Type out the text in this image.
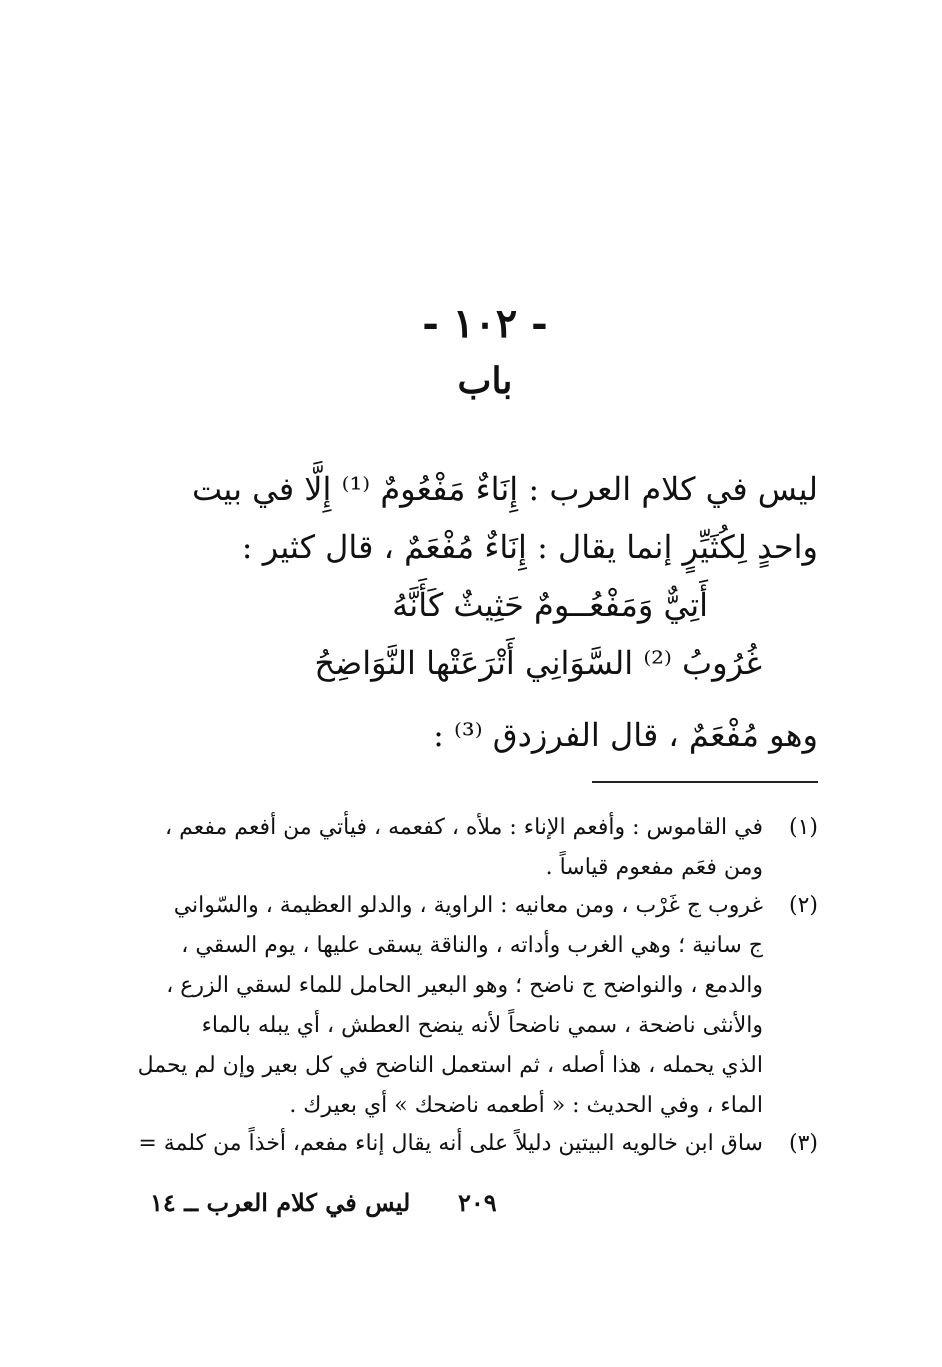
- ١٠٢ -
باب
ليس في كلام العرب : إِنَاءٌ مَفْعُومٌ ⁽¹⁾ إِلَّا في بيت
واحدٍ لِكُثَيِّرٍ إنما يقال : إِنَاءٌ مُفْعَمٌ ، قال كثير :
أَتِيٌّ وَمَفْعُــومٌ حَثِيثٌ كَأَنَّهُ
غُرُوبُ ⁽²⁾ السَّوَانِي أَتْرَعَتْها النَّوَاضِحُ
وهو مُفْعَمٌ ، قال الفرزدق ⁽³⁾ :
(١)
في القاموس : وأفعم الإناء : ملأه ، كفعمه ، فيأتي من أفعم مفعم ،
ومن فعَم مفعوم قياساً .
(٢)
غروب ج غَرْب ، ومن معانيه : الراوية ، والدلو العظيمة ، والسّواني
ج سانية ؛ وهي الغرب وأداته ، والناقة يسقى عليها ، يوم السقي ،
والدمع ، والنواضح ج ناضح ؛ وهو البعير الحامل للماء لسقي الزرع ،
والأنثى ناضحة ، سمي ناضحاً لأنه ينضح العطش ، أي يبله بالماء
الذي يحمله ، هذا أصله ، ثم استعمل الناضح في كل بعير وإن لم يحمل
الماء ، وفي الحديث : « أطعمه ناضحك » أي بعيرك .
(٣)
ساق ابن خالويه البيتين دليلاً على أنه يقال إناء مفعم، أخذاً من كلمة =
٢٠٩
ليس في كلام العرب ــ ١٤
